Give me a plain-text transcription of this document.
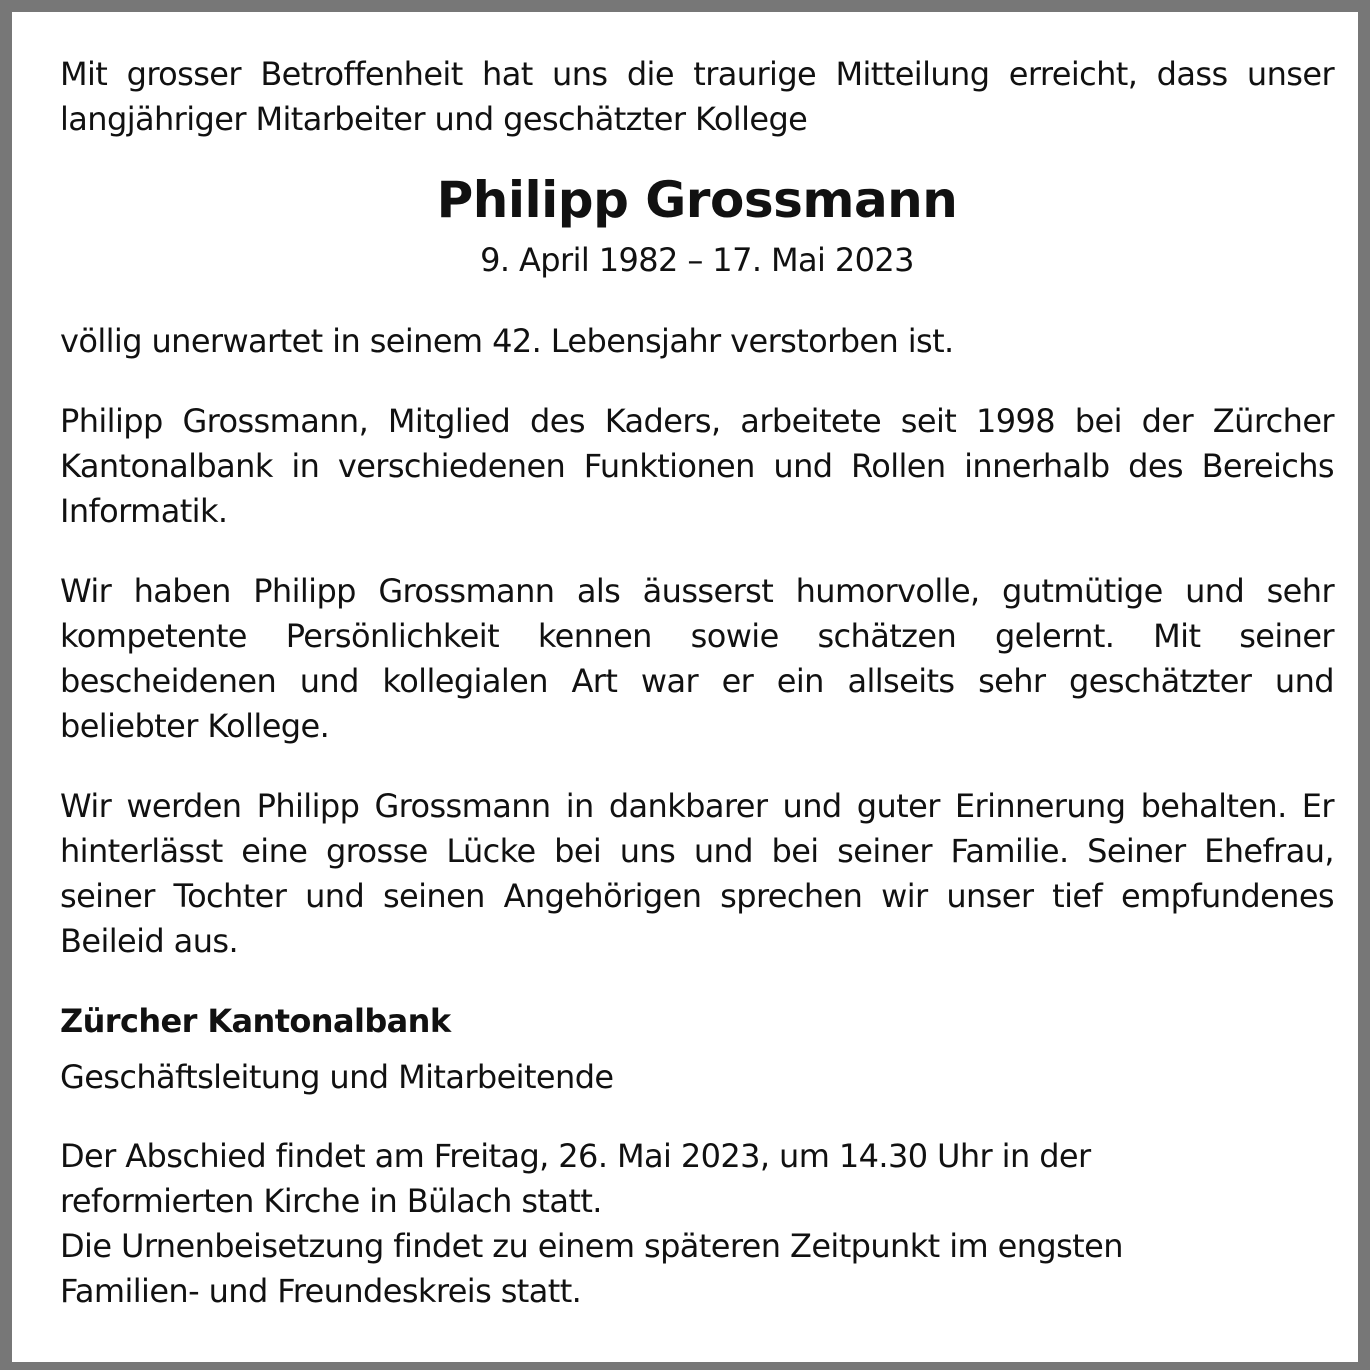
Mit grosser Betroffenheit hat uns die traurige Mitteilung erreicht, dass unser langjähriger Mitarbeiter und geschätzter Kollege

Philipp Grossmann

9. April 1982 – 17. Mai 2023

völlig unerwartet in seinem 42. Lebensjahr verstorben ist.

Philipp Grossmann, Mitglied des Kaders, arbeitete seit 1998 bei der Zürcher Kantonalbank in verschiedenen Funktionen und Rollen innerhalb des Bereichs Informatik.

Wir haben Philipp Grossmann als äusserst humorvolle, gutmütige und sehr kompetente Persönlichkeit kennen sowie schätzen gelernt. Mit seiner bescheidenen und kollegialen Art war er ein allseits sehr geschätzter und beliebter Kollege.

Wir werden Philipp Grossmann in dankbarer und guter Erinnerung behalten. Er hinterlässt eine grosse Lücke bei uns und bei seiner Familie. Seiner Ehefrau, seiner Tochter und seinen Angehörigen sprechen wir unser tief empfundenes Beileid aus.

Zürcher Kantonalbank

Geschäftsleitung und Mitarbeitende

Der Abschied findet am Freitag, 26. Mai 2023, um 14.30 Uhr in der
reformierten Kirche in Bülach statt.
Die Urnenbeisetzung findet zu einem späteren Zeitpunkt im engsten
Familien- und Freundeskreis statt.
